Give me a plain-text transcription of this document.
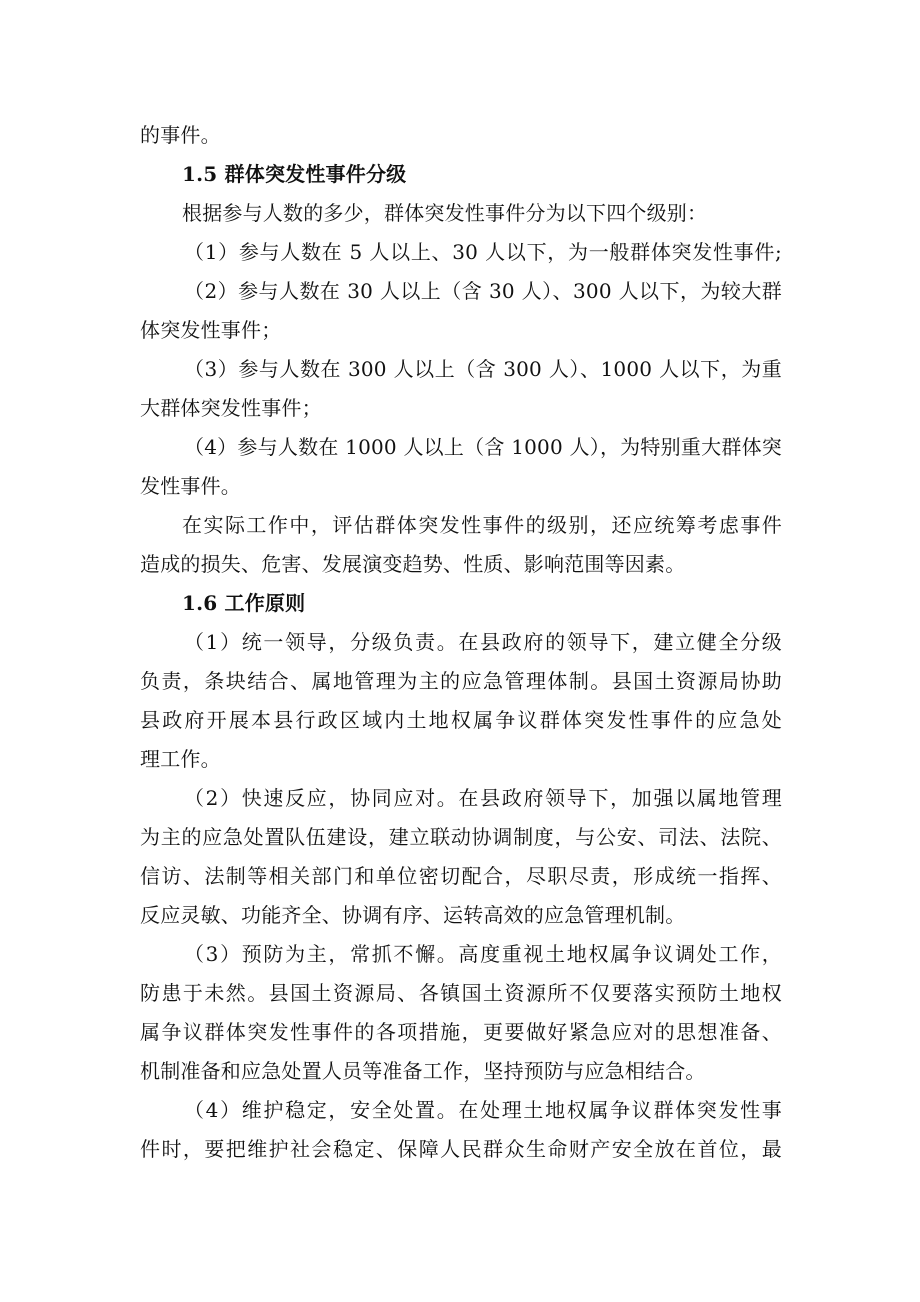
的事件。
1.5 群体突发性事件分级
根据参与人数的多少，群体突发性事件分为以下四个级别：
（1）参与人数在 5 人以上、30 人以下，为一般群体突发性事件;
（2）参与人数在 30 人以上（含 30 人）、300 人以下，为较大群
体突发性事件；
（3）参与人数在 300 人以上（含 300 人）、1000 人以下，为重
大群体突发性事件；
（4）参与人数在 1000 人以上（含 1000 人），为特别重大群体突
发性事件。
在实际工作中，评估群体突发性事件的级别，还应统筹考虑事件
造成的损失、危害、发展演变趋势、性质、影响范围等因素。
1.6 工作原则
（1）统一领导，分级负责。在县政府的领导下，建立健全分级
负责，条块结合、属地管理为主的应急管理体制。县国土资源局协助
县政府开展本县行政区域内土地权属争议群体突发性事件的应急处
理工作。
（2）快速反应，协同应对。在县政府领导下，加强以属地管理
为主的应急处置队伍建设，建立联动协调制度，与公安、司法、法院、
信访、法制等相关部门和单位密切配合，尽职尽责，形成统一指挥、
反应灵敏、功能齐全、协调有序、运转高效的应急管理机制。
（3）预防为主，常抓不懈。高度重视土地权属争议调处工作，
防患于未然。县国土资源局、各镇国土资源所不仅要落实预防土地权
属争议群体突发性事件的各项措施，更要做好紧急应对的思想准备、
机制准备和应急处置人员等准备工作，坚持预防与应急相结合。
（4）维护稳定，安全处置。在处理土地权属争议群体突发性事
件时，要把维护社会稳定、保障人民群众生命财产安全放在首位，最
